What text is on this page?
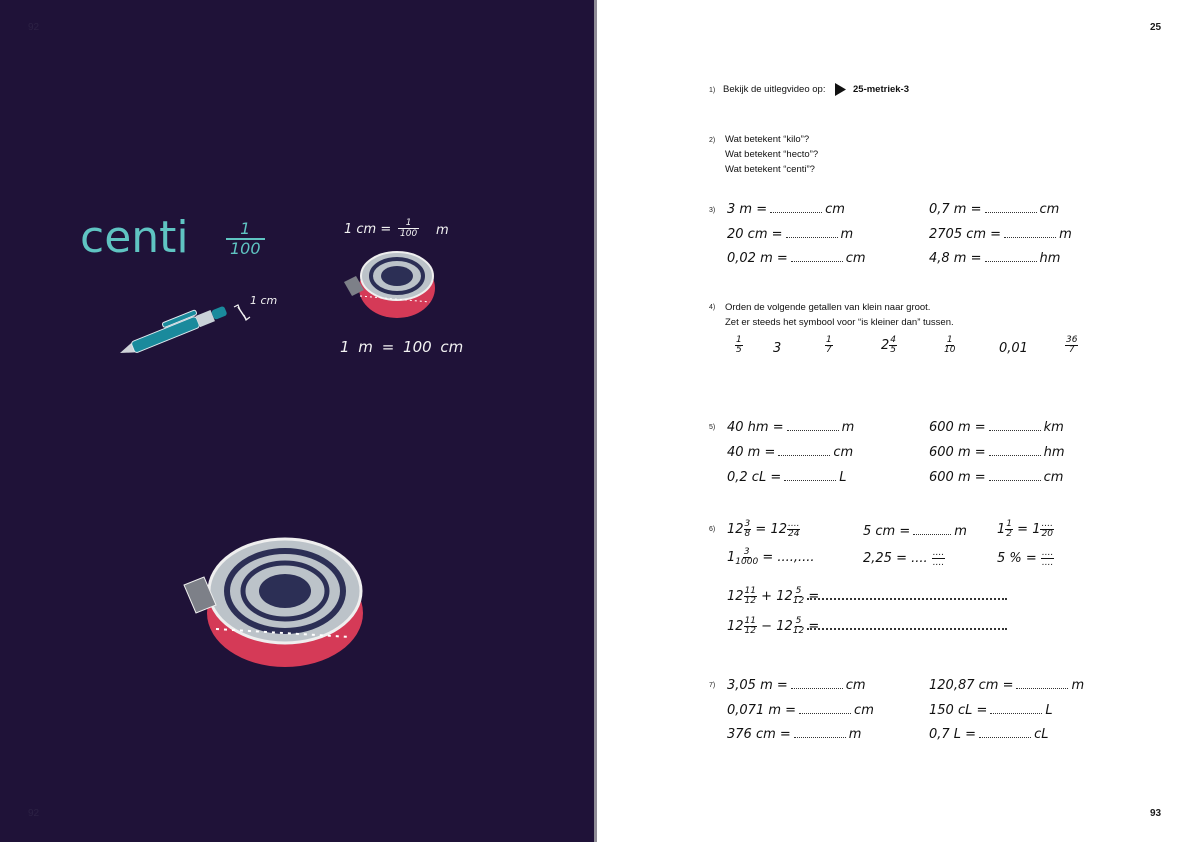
92
92
centi $\frac{1}{100}$	1 cm = $\frac{1}{100}$ m
1 m = 100 cm
1 cm
25
93
1) Bekijk de uitlegvideo op:	25-metriek-3
2) Wat betekent “kilo”?
Wat betekent “hecto”?
Wat betekent “centi”?
3) 3 m =	cm	0,7 m =	cm
20 cm =	m	2705 cm =	m
0,02 m =	cm	4,8 m =	hm
4) Orden de volgende getallen van klein naar groot.
Zet er steeds het symbool voor “is kleiner dan” tussen.
$\frac{1}{5} 3$	$\frac{1}{7}$	$2 \frac{4}{5}$	$\frac{1}{10}$	0,01	$\frac{36}{7}$
5) 40 hm =	m	600 m =	km
40 m =	cm	600 m =	hm
0,2 cL =	L	600 m =	cm
6) $12 \frac{3}{8} = 12 \frac{....}{24}$	5 cm =	m $1 \frac{1}{2} = 1 \frac{....}{20}$
$1 \frac{3}{1000}$ = ....,....	2,25 = .... $\frac{....}{....}$	5 % = $\frac{....}{....}$
$12 \frac{11}{12} + 12 \frac{5}{12}$ =
$12 \frac{11}{12} - 12 \frac{5}{12}$ =
7) 3,05 m =	cm	120,87 cm =	m
0,071 m =	cm	150 cL =	L
376 cm =	m	0,7 L =	cL
